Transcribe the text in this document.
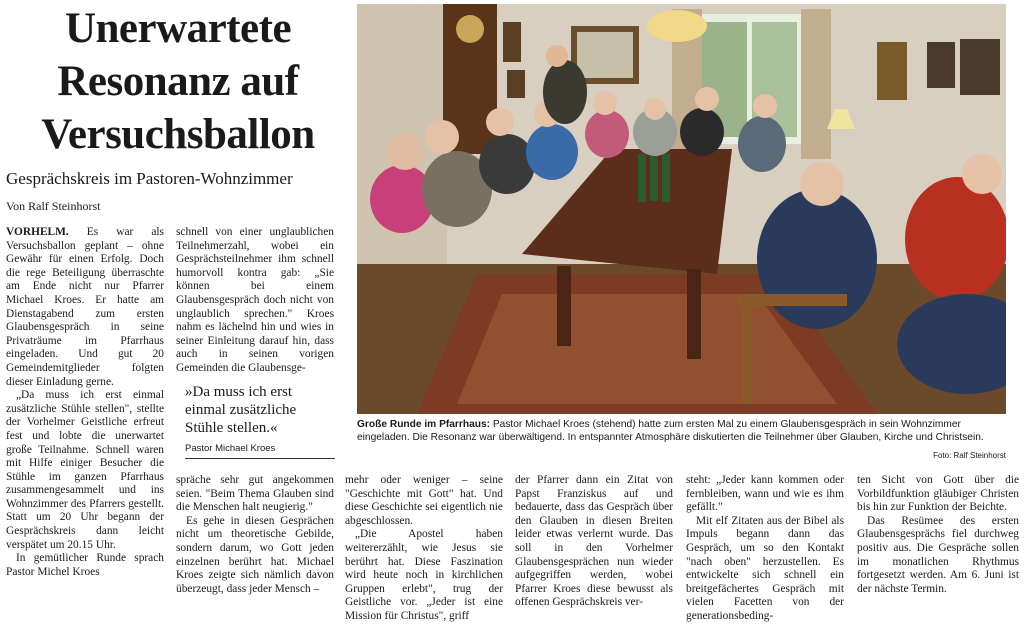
Unerwartete
Resonanz auf
Versuchsballon
Gesprächskreis im Pastoren-Wohnzimmer
Von Ralf Steinhorst

VORHELM. Es war als Versuchsballon geplant – ohne Gewähr für einen Erfolg. Doch die rege Beteiligung überraschte am Ende nicht nur Pfarrer Michael Kroes. Er hatte am Dienstagabend zum ersten Glaubensgespräch in seine Privaträume im Pfarrhaus eingeladen. Und gut 20 Gemeindemitglieder folgten dieser Einladung gerne.

„Da muss ich erst einmal zusätzliche Stühle stellen", stellte der Vorhelmer Geistliche erfreut fest und lobte die unerwartet große Teilnahme. Schnell waren mit Hilfe einiger Besucher die Stühle im ganzen Pfarrhaus zusammengesammelt und ins Wohnzimmer des Pfarrers gestellt. Statt um 20 Uhr begann der Gesprächskreis dann leicht verspätet um 20.15 Uhr.

In gemütlicher Runde sprach Pastor Michel Kroes

schnell von einer unglaublichen Teilnehmerzahl, wobei ein Gesprächsteilnehmer ihm schnell humorvoll kontra gab: „Sie können bei einem Glaubensgespräch doch nicht von unglaublich sprechen." Kroes nahm es lächelnd hin und wies in seiner Einleitung darauf hin, dass auch in seinen vorigen Gemeinden die Glaubensge-

»Da muss ich erst einmal zusätzliche Stühle stellen.«
Pastor Michael Kroes

spräche sehr gut angekommen seien. "Beim Thema Glauben sind die Menschen halt neugierig."

Es gehe in diesen Gesprächen nicht um theoretische Gebilde, sondern darum, wo Gott jeden einzelnen berührt hat. Michael Kroes zeigte sich nämlich davon überzeugt, dass jeder Mensch –

mehr oder weniger – seine "Geschichte mit Gott" hat. Und diese Geschichte sei eigentlich nie abgeschlossen.

„Die Apostel haben weitererzählt, wie Jesus sie berührt hat. Diese Faszination wird heute noch in kirchlichen Gruppen erlebt", trug der Geistliche vor. „Jeder ist eine Mission für Christus", griff

der Pfarrer dann ein Zitat von Papst Franziskus auf und bedauerte, dass das Gespräch über den Glauben in diesen Breiten leider etwas verlernt wurde. Das soll in den Vorhelmer Glaubensgesprächen nun wieder aufgegriffen werden, wobei Pfarrer Kroes diese bewusst als offenen Gesprächskreis ver-

steht: „Jeder kann kommen oder fernbleiben, wann und wie es ihm gefällt."

Mit elf Zitaten aus der Bibel als Impuls begann dann das Gespräch, um so den Kontakt "nach oben" herzustellen. Es entwickelte sich schnell ein breitgefächertes Gespräch mit vielen Facetten von der generationsbeding-

ten Sicht von Gott über die Vorbildfunktion gläubiger Christen bis hin zur Funktion der Beichte.

Das Resümee des ersten Glaubensgesprächs fiel durchweg positiv aus. Die Gespräche sollen im monatlichen Rhythmus fortgesetzt werden. Am 6. Juni ist der nächste Termin.

Große Runde im Pfarrhaus: Pastor Michael Kroes (stehend) hatte zum ersten Mal zu einem Glaubensgespräch in sein Wohnzimmer eingeladen. Die Resonanz war überwältigend. In entspannter Atmosphäre diskutierten die Teilnehmer über Glauben, Kirche und Christsein.
Foto: Ralf Steinhorst
